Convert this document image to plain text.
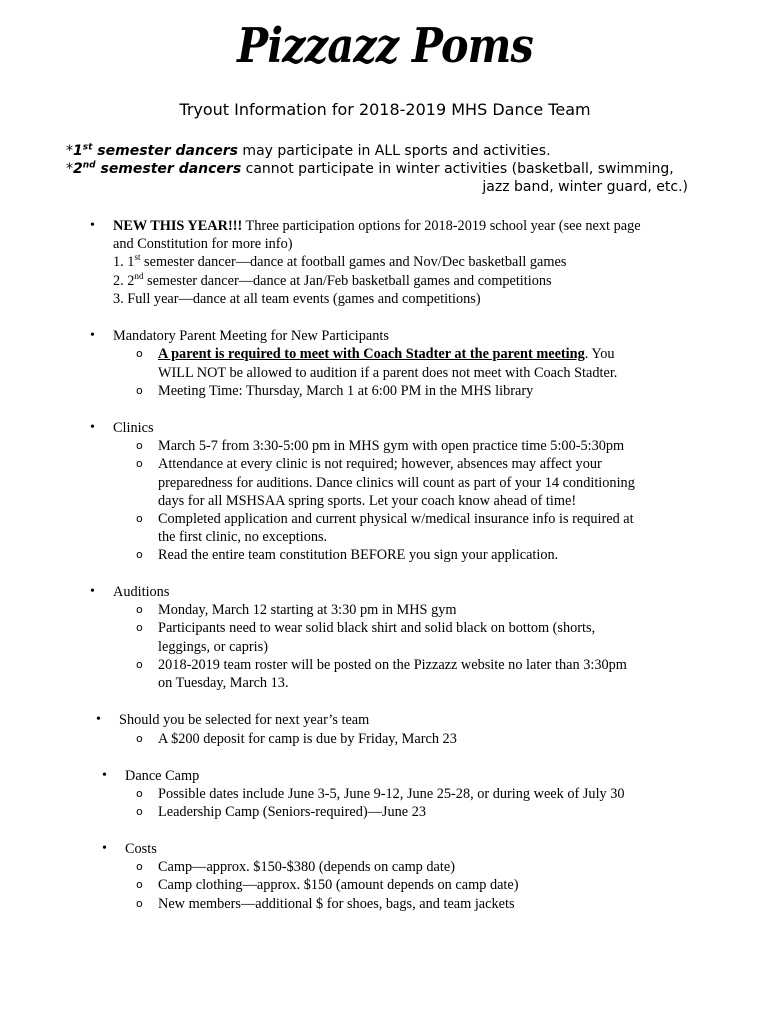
Pizzazz Poms
Tryout Information for 2018-2019 MHS Dance Team
*1st semester dancers may participate in ALL sports and activities.
*2nd semester dancers cannot participate in winter activities (basketball, swimming,
jazz band, winter guard, etc.)
• NEW THIS YEAR!!! Three participation options for 2018-2019 school year (see next page
and Constitution for more info)
1. 1st semester dancer—dance at football games and Nov/Dec basketball games
2. 2nd semester dancer—dance at Jan/Feb basketball games and competitions
3. Full year—dance at all team events (games and competitions)
• Mandatory Parent Meeting for New Participants
o A parent is required to meet with Coach Stadter at the parent meeting. You
WILL NOT be allowed to audition if a parent does not meet with Coach Stadter.
o Meeting Time: Thursday, March 1 at 6:00 PM in the MHS library
• Clinics
o March 5-7 from 3:30-5:00 pm in MHS gym with open practice time 5:00-5:30pm
o Attendance at every clinic is not required; however, absences may affect your
preparedness for auditions. Dance clinics will count as part of your 14 conditioning
days for all MSHSAA spring sports. Let your coach know ahead of time!
o Completed application and current physical w/medical insurance info is required at
the first clinic, no exceptions.
o Read the entire team constitution BEFORE you sign your application.
• Auditions
o Monday, March 12 starting at 3:30 pm in MHS gym
o Participants need to wear solid black shirt and solid black on bottom (shorts,
leggings, or capris)
o 2018-2019 team roster will be posted on the Pizzazz website no later than 3:30pm
on Tuesday, March 13.
• Should you be selected for next year’s team
o A $200 deposit for camp is due by Friday, March 23
• Dance Camp
o Possible dates include June 3-5, June 9-12, June 25-28, or during week of July 30
o Leadership Camp (Seniors-required)—June 23
• Costs
o Camp—approx. $150-$380 (depends on camp date)
o Camp clothing—approx. $150 (amount depends on camp date)
o New members—additional $ for shoes, bags, and team jackets
